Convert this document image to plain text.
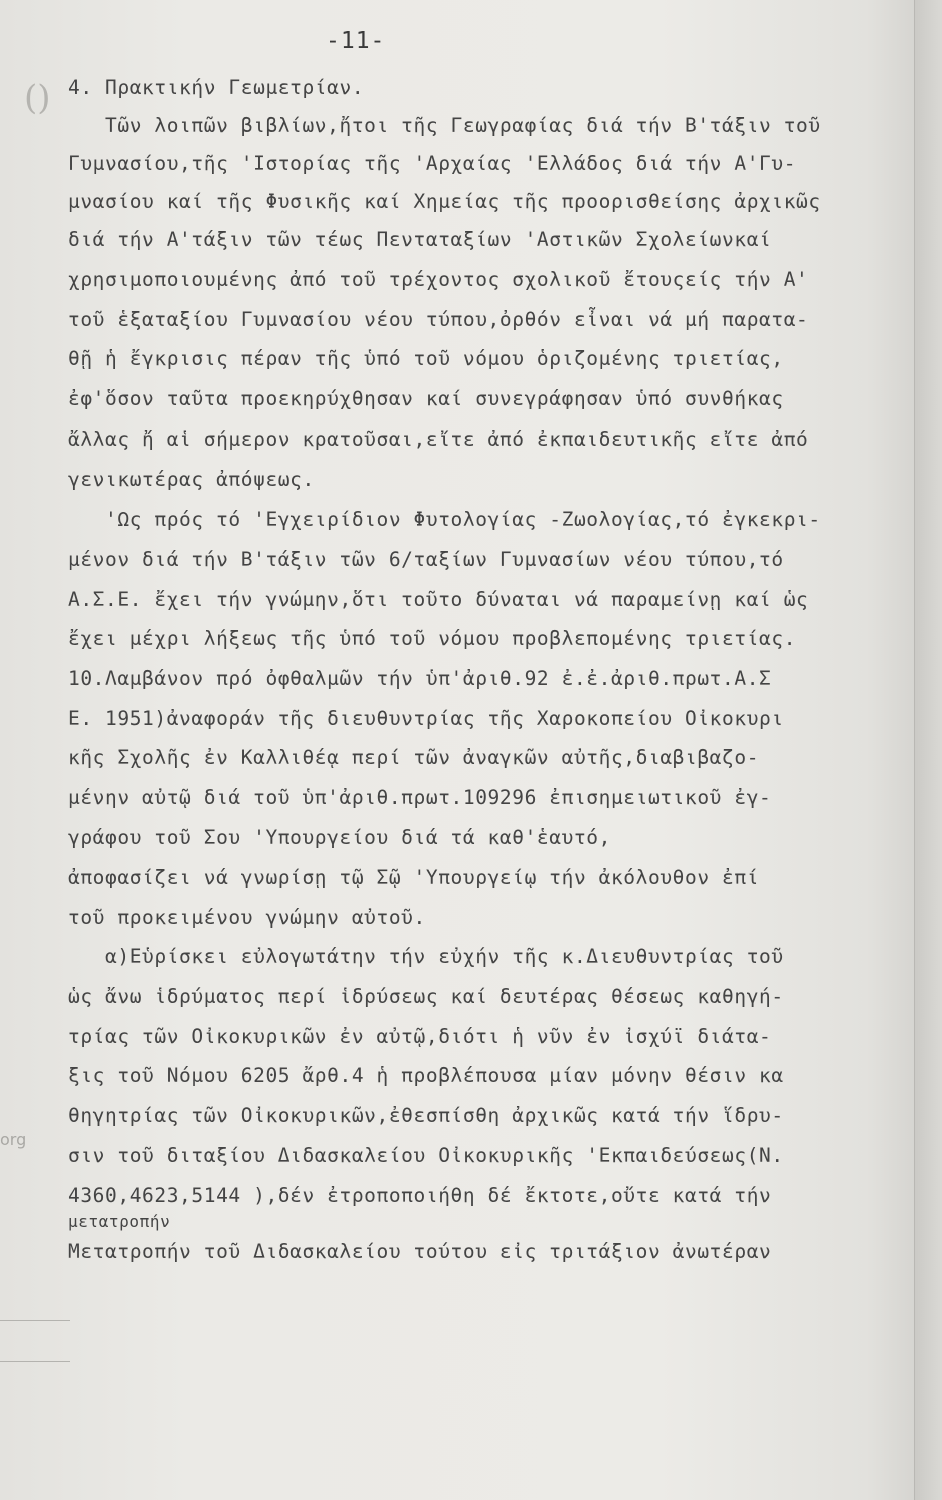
()
org
-11-
4. Πρακτικήν Γεωμετρίαν.
Τῶν λοιπῶν βιβλίων,ἤτοι τῆς Γεωγραφίας διά τήν Β'τάξιν τοῦ
Γυμνασίου,τῆς 'Ιστορίας τῆς 'Αρχαίας 'Ελλάδος διά τήν Α'Γυ-
μνασίου καί τῆς Φυσικῆς καί Χημείας τῆς προορισθείσης ἀρχικῶς
διά τήν Α'τάξιν τῶν τέως Πενταταξίων 'Αστικῶν Σχολείωνκαί
χρησιμοποιουμένης ἀπό τοῦ τρέχοντος σχολικοῦ ἔτουςείς τήν Α'
τοῦ ἑξαταξίου Γυμνασίου νέου τύπου,ὀρθόν εἶναι νά μή παρατα-
θῇ ἡ ἔγκρισις πέραν τῆς ὑπό τοῦ νόμου ὁριζομένης τριετίας,
ἐφ'ὅσον ταῦτα προεκηρύχθησαν καί συνεγράφησαν ὑπό συνθήκας
ἄλλας ἤ αἱ σήμερον κρατοῦσαι,εἴτε ἀπό ἐκπαιδευτικῆς εἴτε ἀπό
γενικωτέρας ἀπόψεως.
'Ως πρός τό 'Εγχειρίδιον Φυτολογίας -Ζωολογίας,τό ἐγκεκρι-
μένον διά τήν Β'τάξιν τῶν 6/ταξίων Γυμνασίων νέου τύπου,τό
Α.Σ.Ε. ἔχει τήν γνώμην,ὅτι τοῦτο δύναται νά παραμείνῃ καί ὡς
ἔχει μέχρι λήξεως τῆς ὑπό τοῦ νόμου προβλεπομένης τριετίας.
10.Λαμβάνον πρό ὀφθαλμῶν τήν ὑπ'ἀριθ.92 ἐ.ἐ.ἀριθ.πρωτ.Α.Σ
Ε. 1951)ἀναφοράν τῆς διευθυντρίας τῆς Χαροκοπείου Οἰκοκυρι
κῆς Σχολῆς ἐν Καλλιθέᾳ περί τῶν ἀναγκῶν αὐτῆς,διαβιβαζο-
μένην αὐτῷ διά τοῦ ὑπ'ἀριθ.πρωτ.109296 ἐπισημειωτικοῦ ἐγ-
γράφου τοῦ Σου 'Υπουργείου διά τά καθ'ἑαυτό,
ἀποφασίζει νά γνωρίσῃ τῷ Σῷ 'Υπουργείῳ τήν ἀκόλουθον ἐπί
τοῦ προκειμένου γνώμην αὐτοῦ.
α)Εὑρίσκει εὐλογωτάτην τήν εὐχήν τῆς κ.Διευθυντρίας τοῦ
ὡς ἄνω ἱδρύματος περί ἱδρύσεως καί δευτέρας θέσεως καθηγή-
τρίας τῶν Οἰκοκυρικῶν ἐν αὐτῷ,διότι ἡ νῦν ἐν ἰσχύϊ διάτα-
ξις τοῦ Νόμου 6205 ἄρθ.4 ἡ προβλέπουσα μίαν μόνην θέσιν κα
θηγητρίας τῶν Οἰκοκυρικῶν,ἐθεσπίσθη ἀρχικῶς κατά τήν ἵδρυ-
σιν τοῦ διταξίου Διδασκαλείου Οἰκοκυρικῆς 'Εκπαιδεύσεως(Ν.
4360,4623,5144 ),δέν ἐτροποποιήθη δέ ἔκτοτε,οὔτε κατά τήν
μετατροπήν
Μετατροπήν τοῦ Διδασκαλείου τούτου εἰς τριτάξιον ἀνωτέραν
